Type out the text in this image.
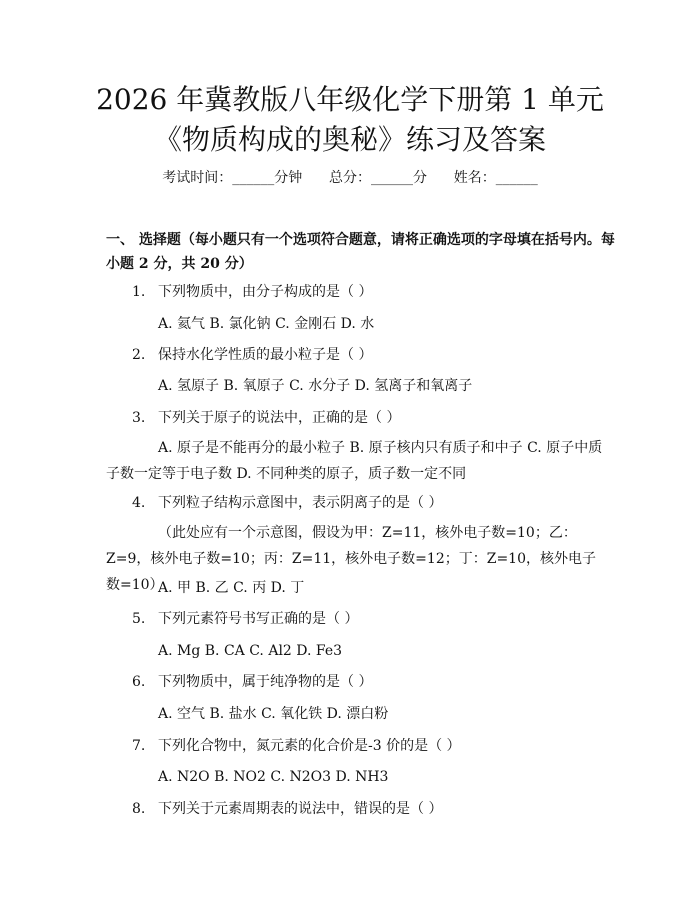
2026 年冀教版八年级化学下册第 1 单元《物质构成的奥秘》练习及答案
考试时间：______分钟 总分：______分 姓名：______
一、 选择题（每小题只有一个选项符合题意，请将正确选项的字母填在括号内。每小题 2 分，共 20 分）
1. 下列物质中，由分子构成的是（ ）
A. 氦气 B. 氯化钠 C. 金刚石 D. 水
2. 保持水化学性质的最小粒子是（ ）
A. 氢原子 B. 氧原子 C. 水分子 D. 氢离子和氧离子
3. 下列关于原子的说法中，正确的是（ ）
A. 原子是不能再分的最小粒子 B. 原子核内只有质子和中子 C. 原子中质子数一定等于电子数 D. 不同种类的原子，质子数一定不同
4. 下列粒子结构示意图中，表示阴离子的是（ ）
（此处应有一个示意图，假设为甲：Z=11，核外电子数=10；乙：Z=9，核外电子数=10；丙：Z=11，核外电子数=12；丁：Z=10，核外电子数=10）
A. 甲 B. 乙 C. 丙 D. 丁
5. 下列元素符号书写正确的是（ ）
A. Mg B. CA C. Al2 D. Fe3
6. 下列物质中，属于纯净物的是（ ）
A. 空气 B. 盐水 C. 氧化铁 D. 漂白粉
7. 下列化合物中，氮元素的化合价是-3 价的是（ ）
A. N2O B. NO2 C. N2O3 D. NH3
8. 下列关于元素周期表的说法中，错误的是（ ）
